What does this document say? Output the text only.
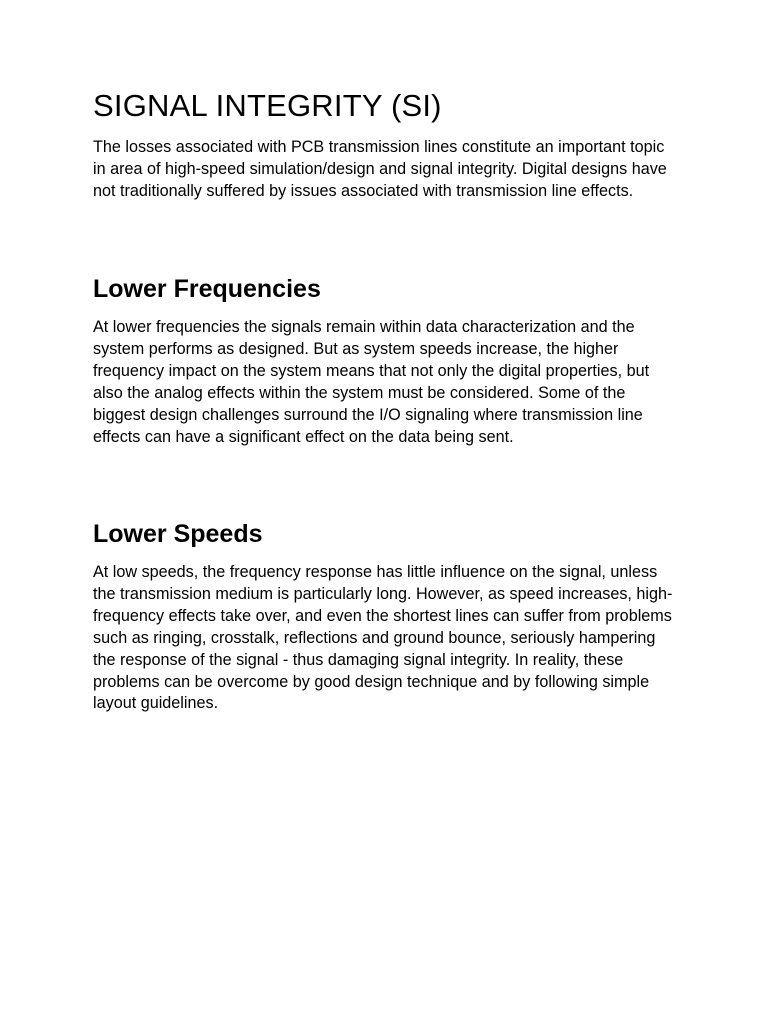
SIGNAL INTEGRITY (SI)

The losses associated with PCB transmission lines constitute an important topic in area of high-speed simulation/design and signal integrity. Digital designs have not traditionally suffered by issues associated with transmission line effects.

Lower Frequencies

At lower frequencies the signals remain within data characterization and the system performs as designed. But as system speeds increase, the higher frequency impact on the system means that not only the digital properties, but also the analog effects within the system must be considered. Some of the biggest design challenges surround the I/O signaling where transmission line effects can have a significant effect on the data being sent.

Lower Speeds

At low speeds, the frequency response has little influence on the signal, unless the transmission medium is particularly long. However, as speed increases, high-frequency effects take over, and even the shortest lines can suffer from problems such as ringing, crosstalk, reflections and ground bounce, seriously hampering the response of the signal - thus damaging signal integrity. In reality, these problems can be overcome by good design technique and by following simple layout guidelines.
